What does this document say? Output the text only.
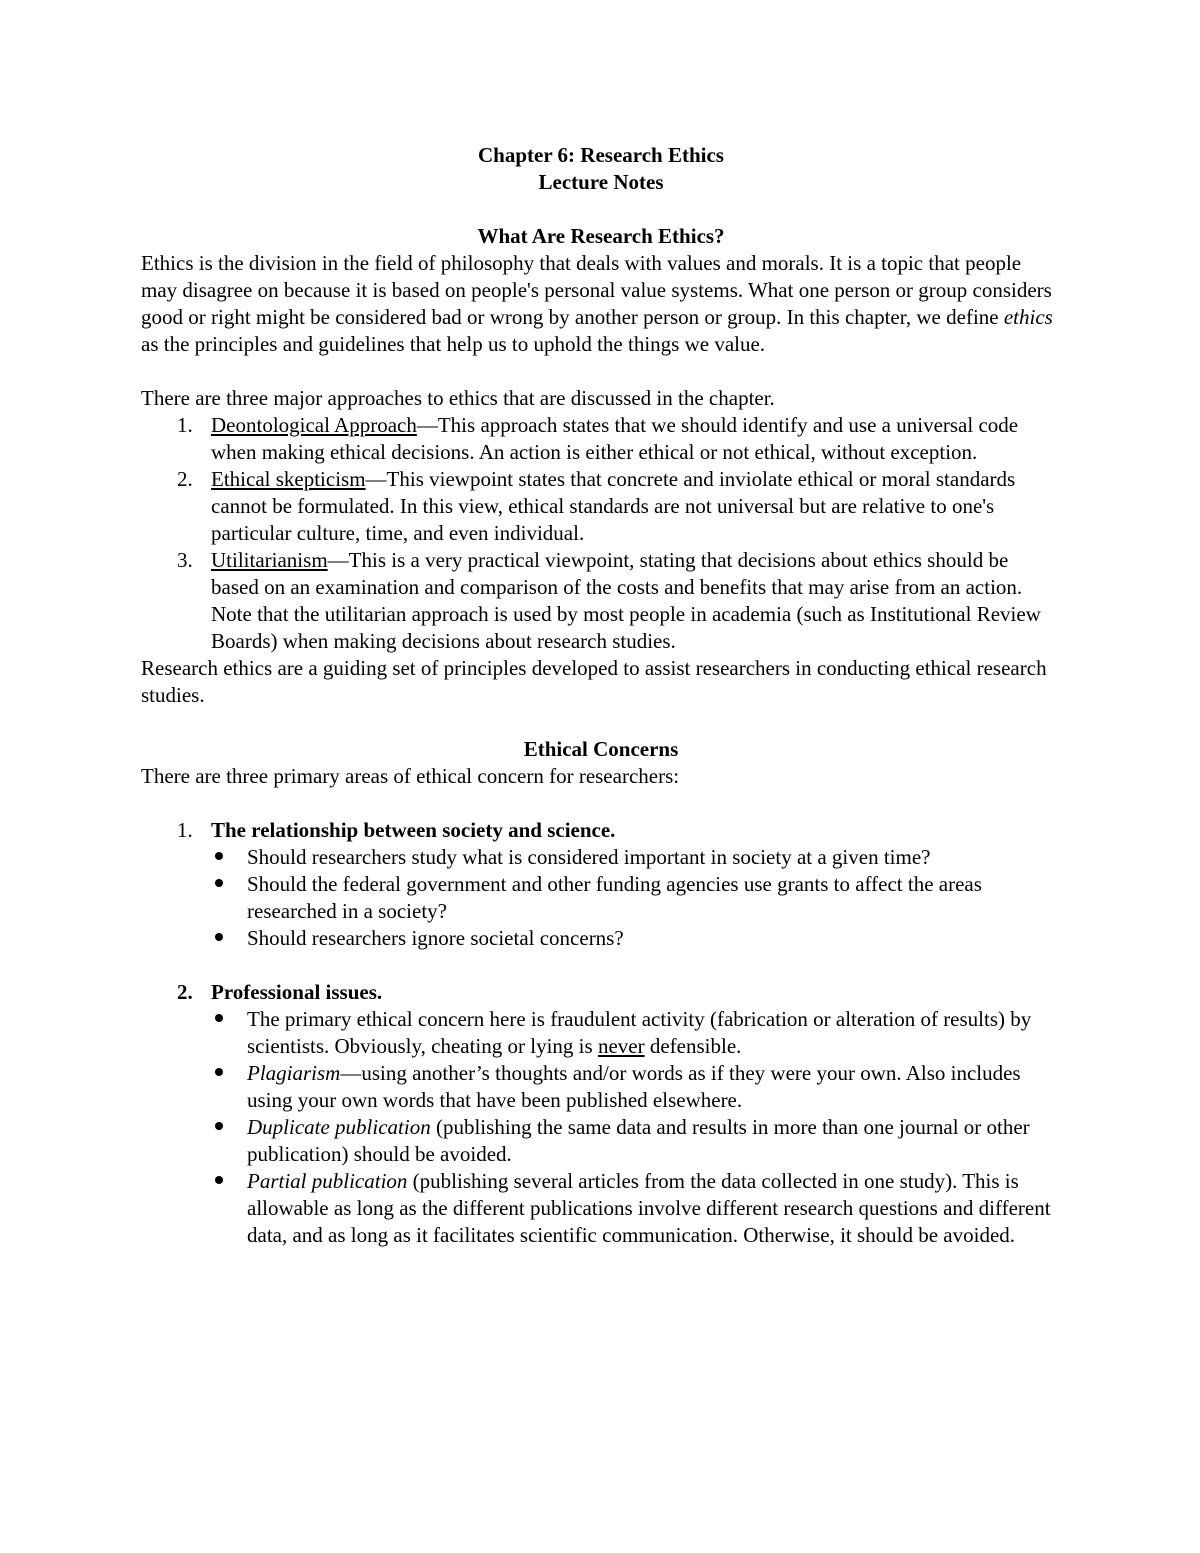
Chapter 6: Research Ethics

Lecture Notes

What Are Research Ethics?

Ethics is the division in the field of philosophy that deals with values and morals. It is a topic that people may disagree on because it is based on people's personal value systems. What one person or group considers good or right might be considered bad or wrong by another person or group. In this chapter, we define ethics as the principles and guidelines that help us to uphold the things we value.

There are three major approaches to ethics that are discussed in the chapter.

1. Deontological Approach—This approach states that we should identify and use a universal code when making ethical decisions. An action is either ethical or not ethical, without exception.
2. Ethical skepticism—This viewpoint states that concrete and inviolate ethical or moral standards cannot be formulated. In this view, ethical standards are not universal but are relative to one's particular culture, time, and even individual.
3. Utilitarianism—This is a very practical viewpoint, stating that decisions about ethics should be based on an examination and comparison of the costs and benefits that may arise from an action. Note that the utilitarian approach is used by most people in academia (such as Institutional Review Boards) when making decisions about research studies.

Research ethics are a guiding set of principles developed to assist researchers in conducting ethical research studies.

Ethical Concerns

There are three primary areas of ethical concern for researchers:

1. The relationship between society and science.
Should researchers study what is considered important in society at a given time?
Should the federal government and other funding agencies use grants to affect the areas researched in a society?
Should researchers ignore societal concerns?
2. Professional issues.
The primary ethical concern here is fraudulent activity (fabrication or alteration of results) by scientists. Obviously, cheating or lying is never defensible.
Plagiarism—using another’s thoughts and/or words as if they were your own. Also includes using your own words that have been published elsewhere.
Duplicate publication (publishing the same data and results in more than one journal or other publication) should be avoided.
Partial publication (publishing several articles from the data collected in one study). This is allowable as long as the different publications involve different research questions and different data, and as long as it facilitates scientific communication. Otherwise, it should be avoided.
